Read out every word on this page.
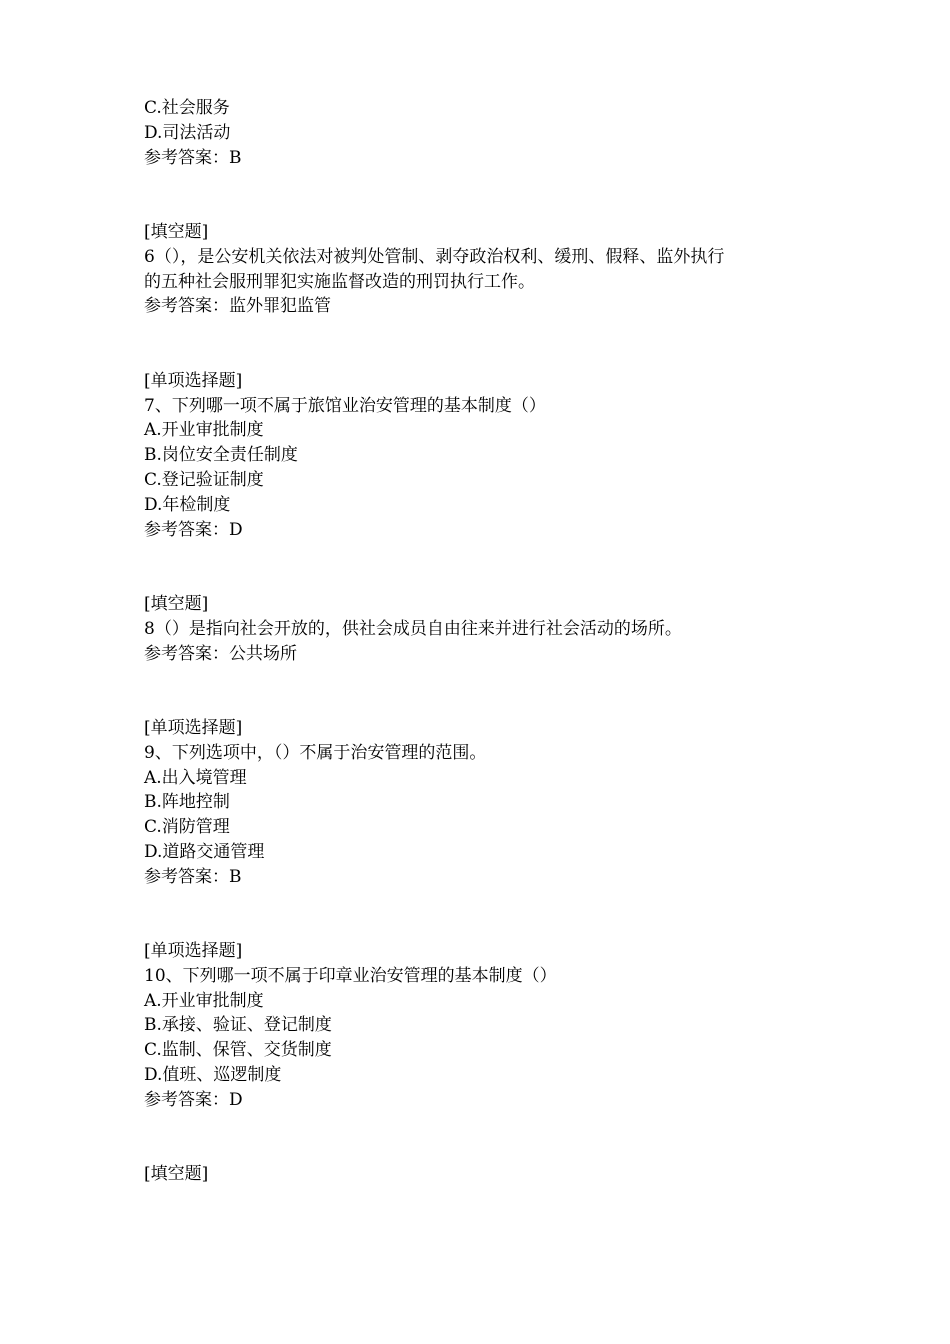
C.社会服务

D.司法活动

参考答案：B

[填空题]

6（），是公安机关依法对被判处管制、剥夺政治权利、缓刑、假释、监外执行

的五种社会服刑罪犯实施监督改造的刑罚执行工作。

参考答案：监外罪犯监管

[单项选择题]

7、下列哪一项不属于旅馆业治安管理的基本制度（）

A.开业审批制度

B.岗位安全责任制度

C.登记验证制度

D.年检制度

参考答案：D

[填空题]

8（）是指向社会开放的，供社会成员自由往来并进行社会活动的场所。

参考答案：公共场所

[单项选择题]

9、下列选项中，（）不属于治安管理的范围。

A.出入境管理

B.阵地控制

C.消防管理

D.道路交通管理

参考答案：B

[单项选择题]

10、下列哪一项不属于印章业治安管理的基本制度（）

A.开业审批制度

B.承接、验证、登记制度

C.监制、保管、交货制度

D.值班、巡逻制度

参考答案：D

[填空题]
